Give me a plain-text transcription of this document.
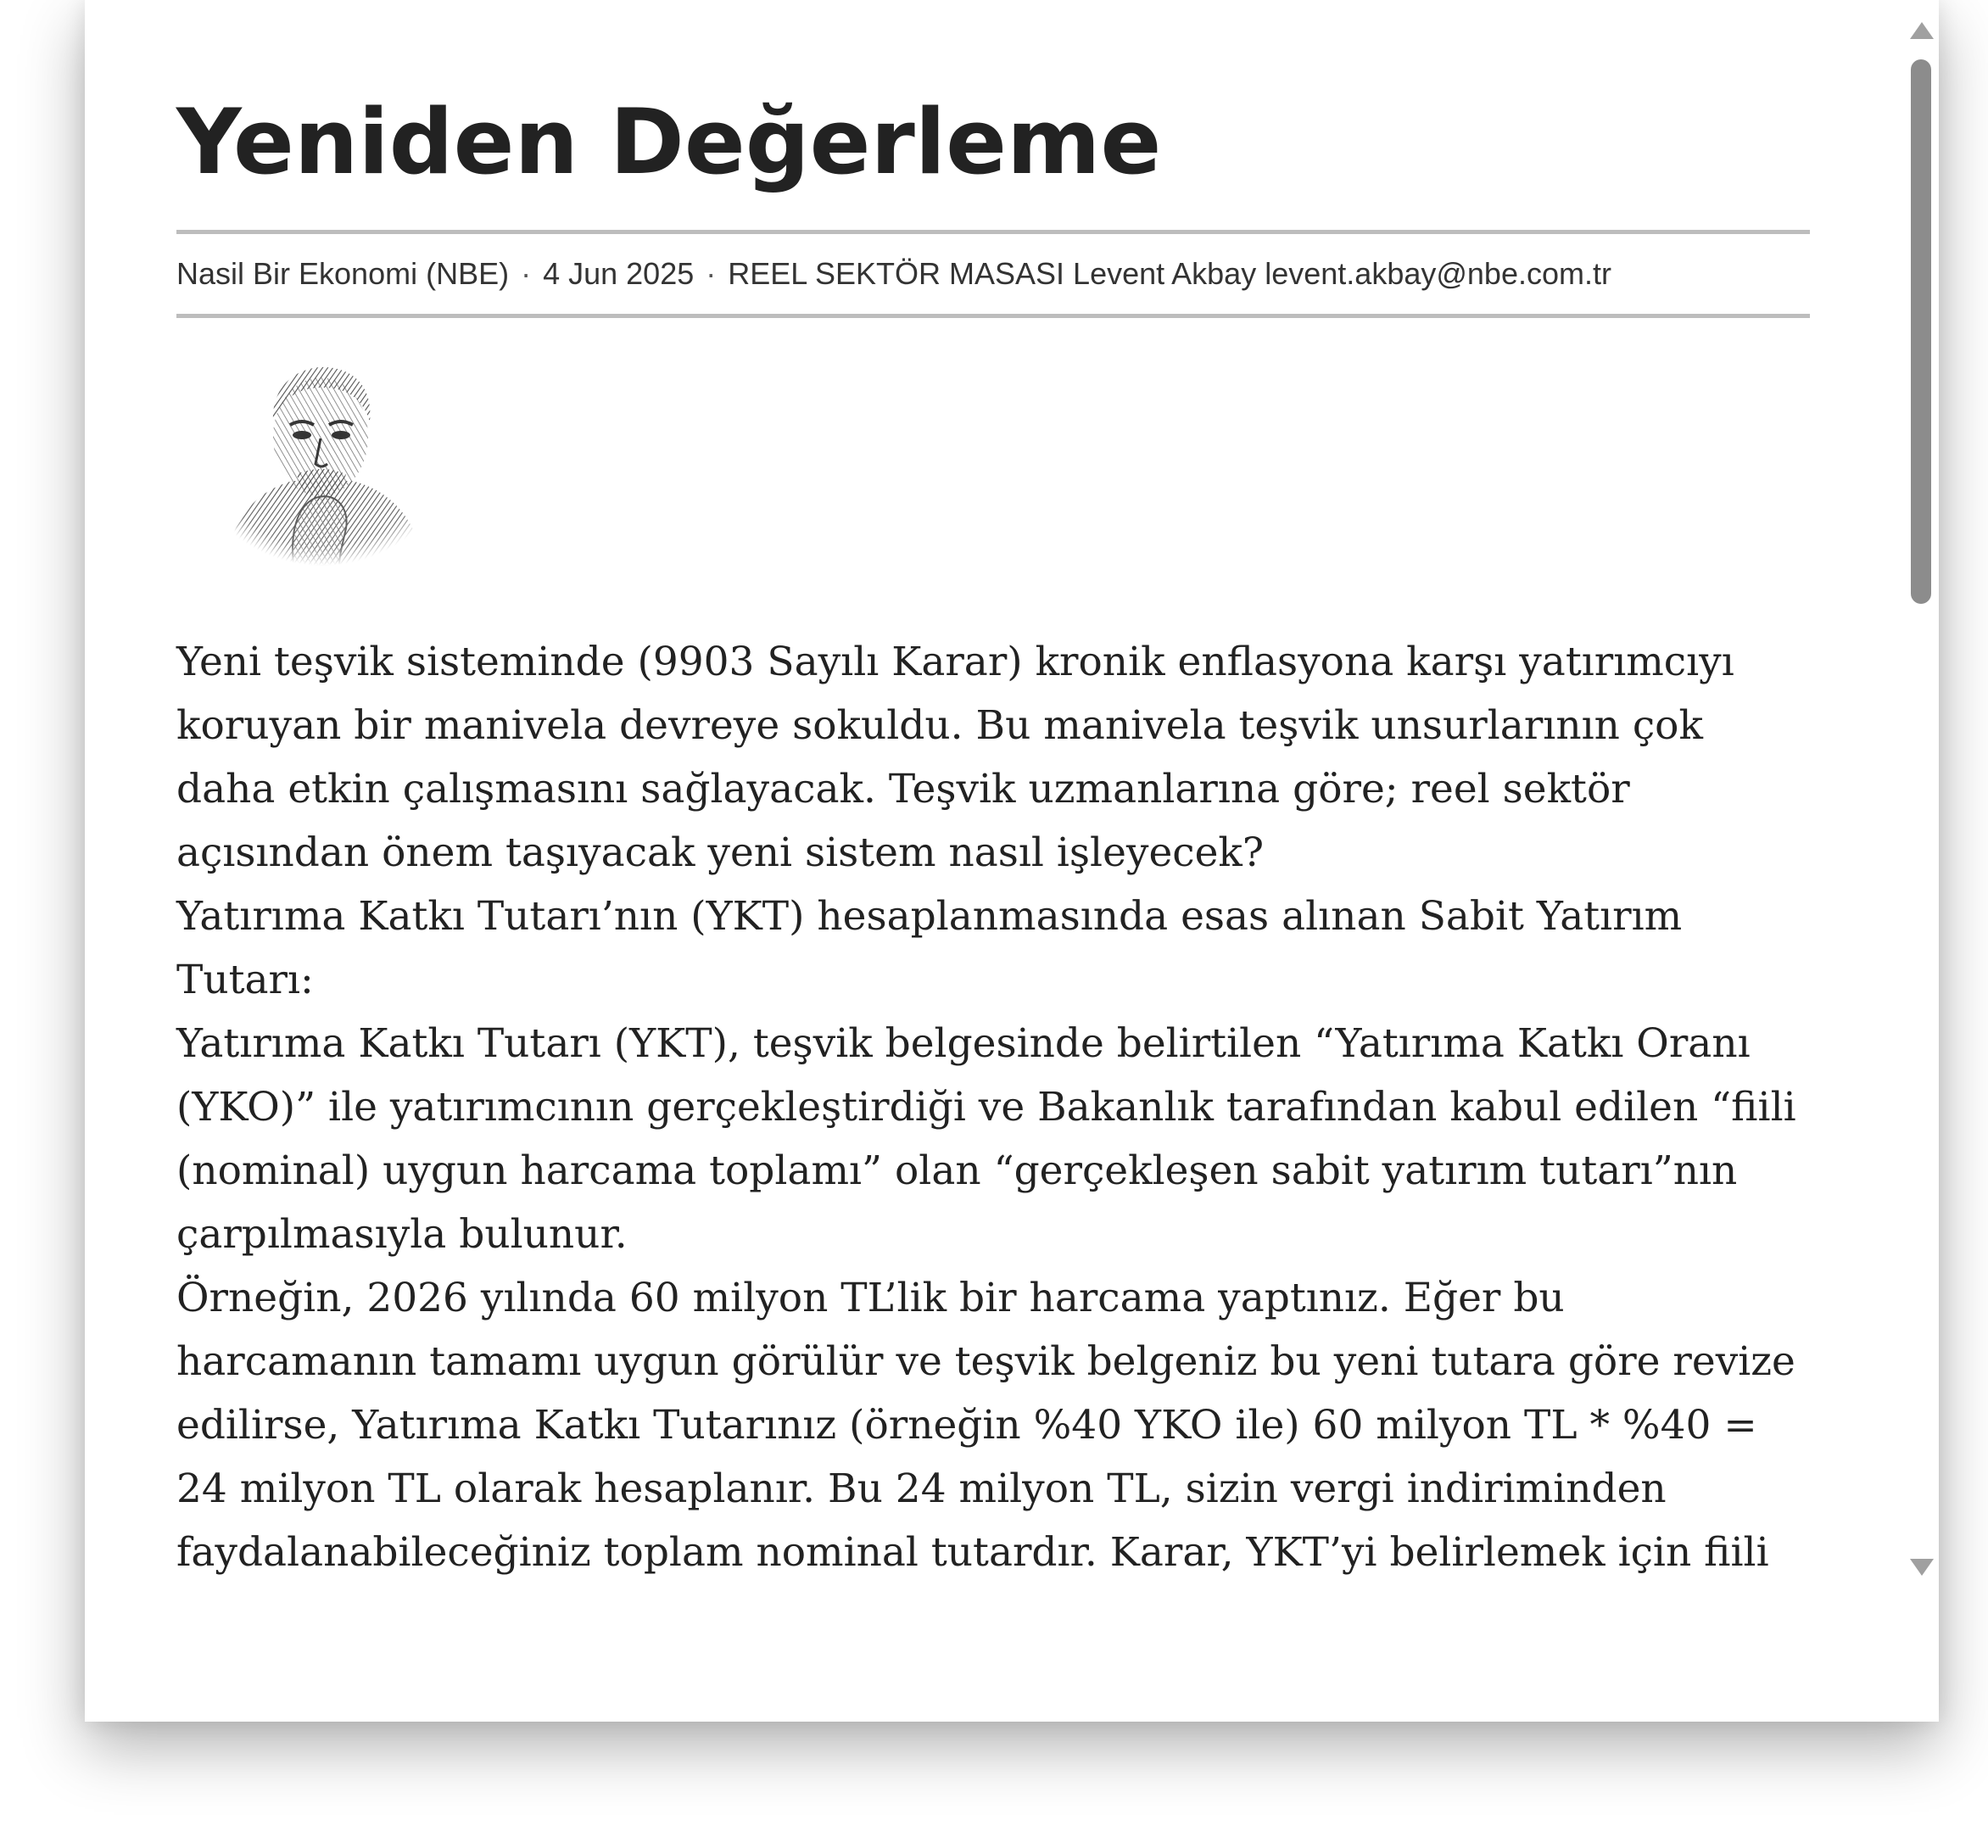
Yeniden Değerleme
Nasil Bir Ekonomi (NBE) · 4 Jun 2025 · REEL SEKTÖR MASASI Levent Akbay levent.akbay@nbe.com.tr

Yeni teşvik sisteminde (9903 Sayılı Karar) kronik enflasyona karşı yatırımcıyı koruyan bir manivela devreye sokuldu. Bu manivela teşvik unsurlarının çok daha etkin çalışmasını sağlayacak. Teşvik uzmanlarına göre; reel sektör açısından önem taşıyacak yeni sistem nasıl işleyecek?

Yatırıma Katkı Tutarı’nın (YKT) hesaplanmasında esas alınan Sabit Yatırım Tutarı:

Yatırıma Katkı Tutarı (YKT), teşvik belgesinde belirtilen “Yatırıma Katkı Oranı (YKO)” ile yatırımcının gerçekleştirdiği ve Bakanlık tarafından kabul edilen “fiili (nominal) uygun harcama toplamı” olan “gerçekleşen sabit yatırım tutarı”nın çarpılmasıyla bulunur.

Örneğin, 2026 yılında 60 milyon TL’lik bir harcama yaptınız. Eğer bu harcamanın tamamı uygun görülür ve teşvik belgeniz bu yeni tutara göre revize edilirse, Yatırıma Katkı Tutarınız (örneğin %40 YKO ile) 60 milyon TL * %40 = 24 milyon TL olarak hesaplanır. Bu 24 milyon TL, sizin vergi indiriminden faydalanabileceğiniz toplam nominal tutardır. Karar, YKT’yi belirlemek için fiili
